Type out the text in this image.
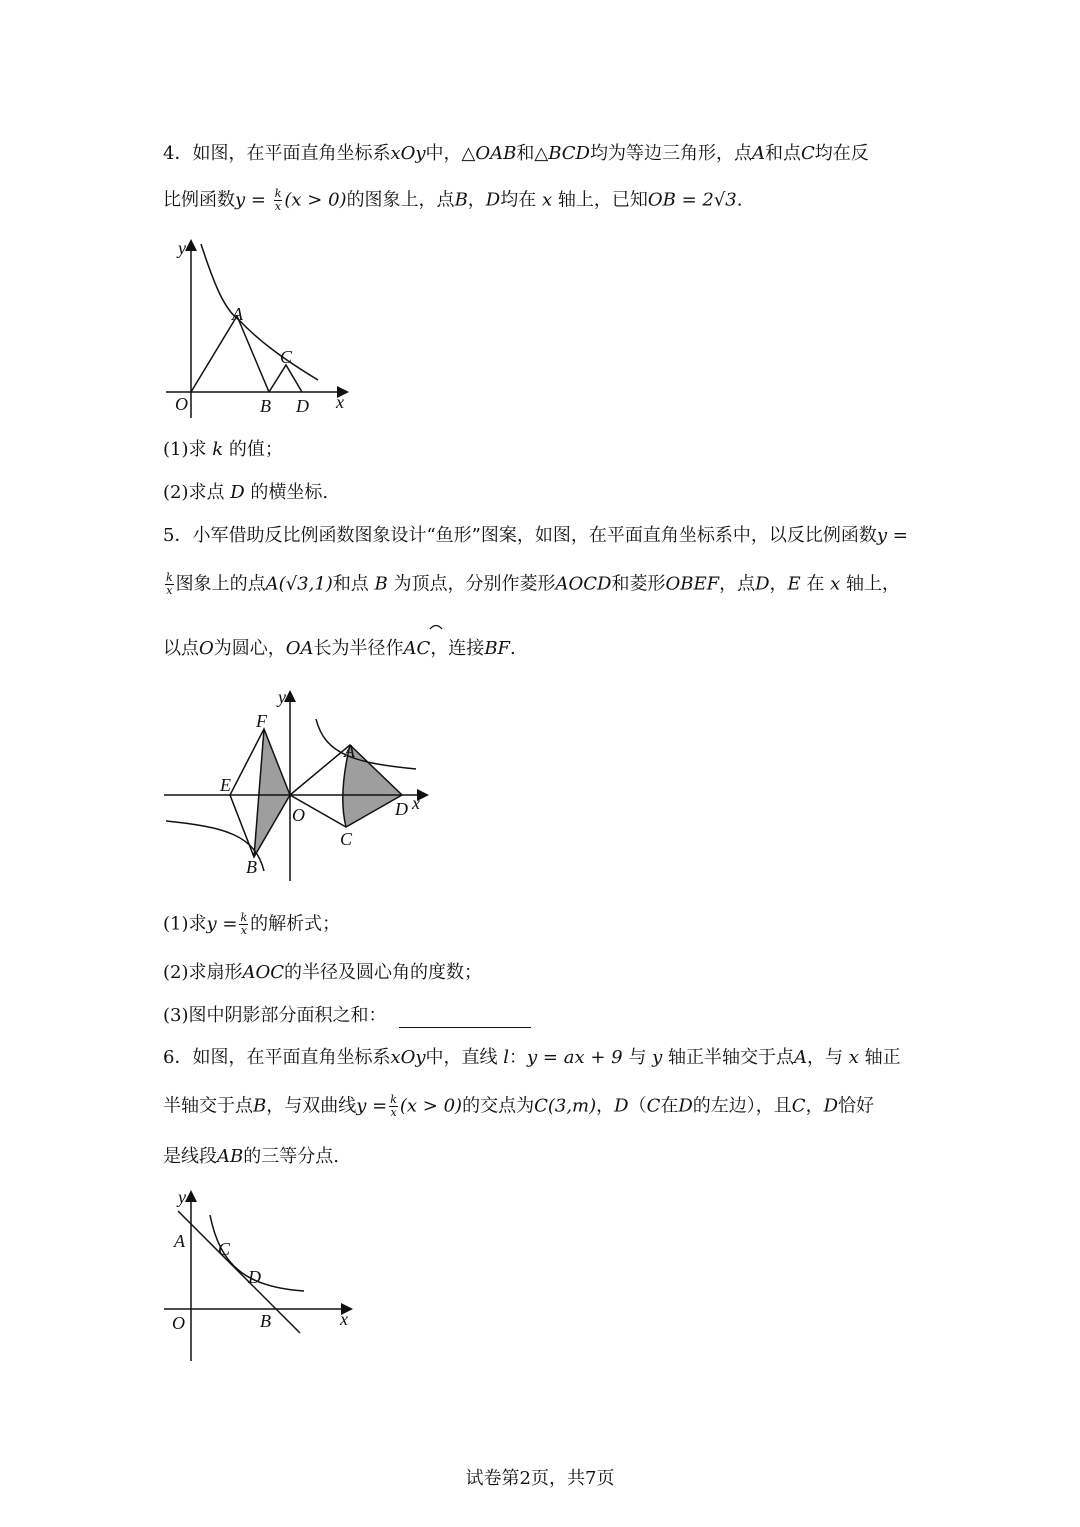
4．如图，在平面直角坐标系xOy中，△OAB和△BCD均为等边三角形，点A和点C均在反
比例函数$y = \frac{k}{x} (x > 0)$的图象上，点B，D均在 x 轴上，已知OB = 2√3.
y
x
O
A
B
C
D
(1)求 k 的值；
(2)求点 D 的横坐标.
5．小军借助反比例函数图象设计“鱼形”图案，如图，在平面直角坐标系中，以反比例函数y =
$\frac{k}{x}$ 图象上的点A(√3,1)和点 B 为顶点，分别作菱形AOCD和菱形OBEF，点D，E 在 x 轴上，
以点O为圆心，OA长为半径作AC，连接BF.
y
x
O
A
B
C
D
E
F
(1)求$y = \frac{k}{x}$ 的解析式；
(2)求扇形AOC的半径及圆心角的度数；
(3)图中阴影部分面积之和：
6．如图，在平面直角坐标系xOy中，直线 l：y = ax + 9 与 y 轴正半轴交于点A，与 x 轴正
半轴交于点B，与双曲线$y = \frac{k}{x} (x > 0)$的交点为C(3,m)，D（C在D的左边），且C，D恰好
是线段AB的三等分点.
y
x
O
A
B
C
D
试卷第2页，共7页
